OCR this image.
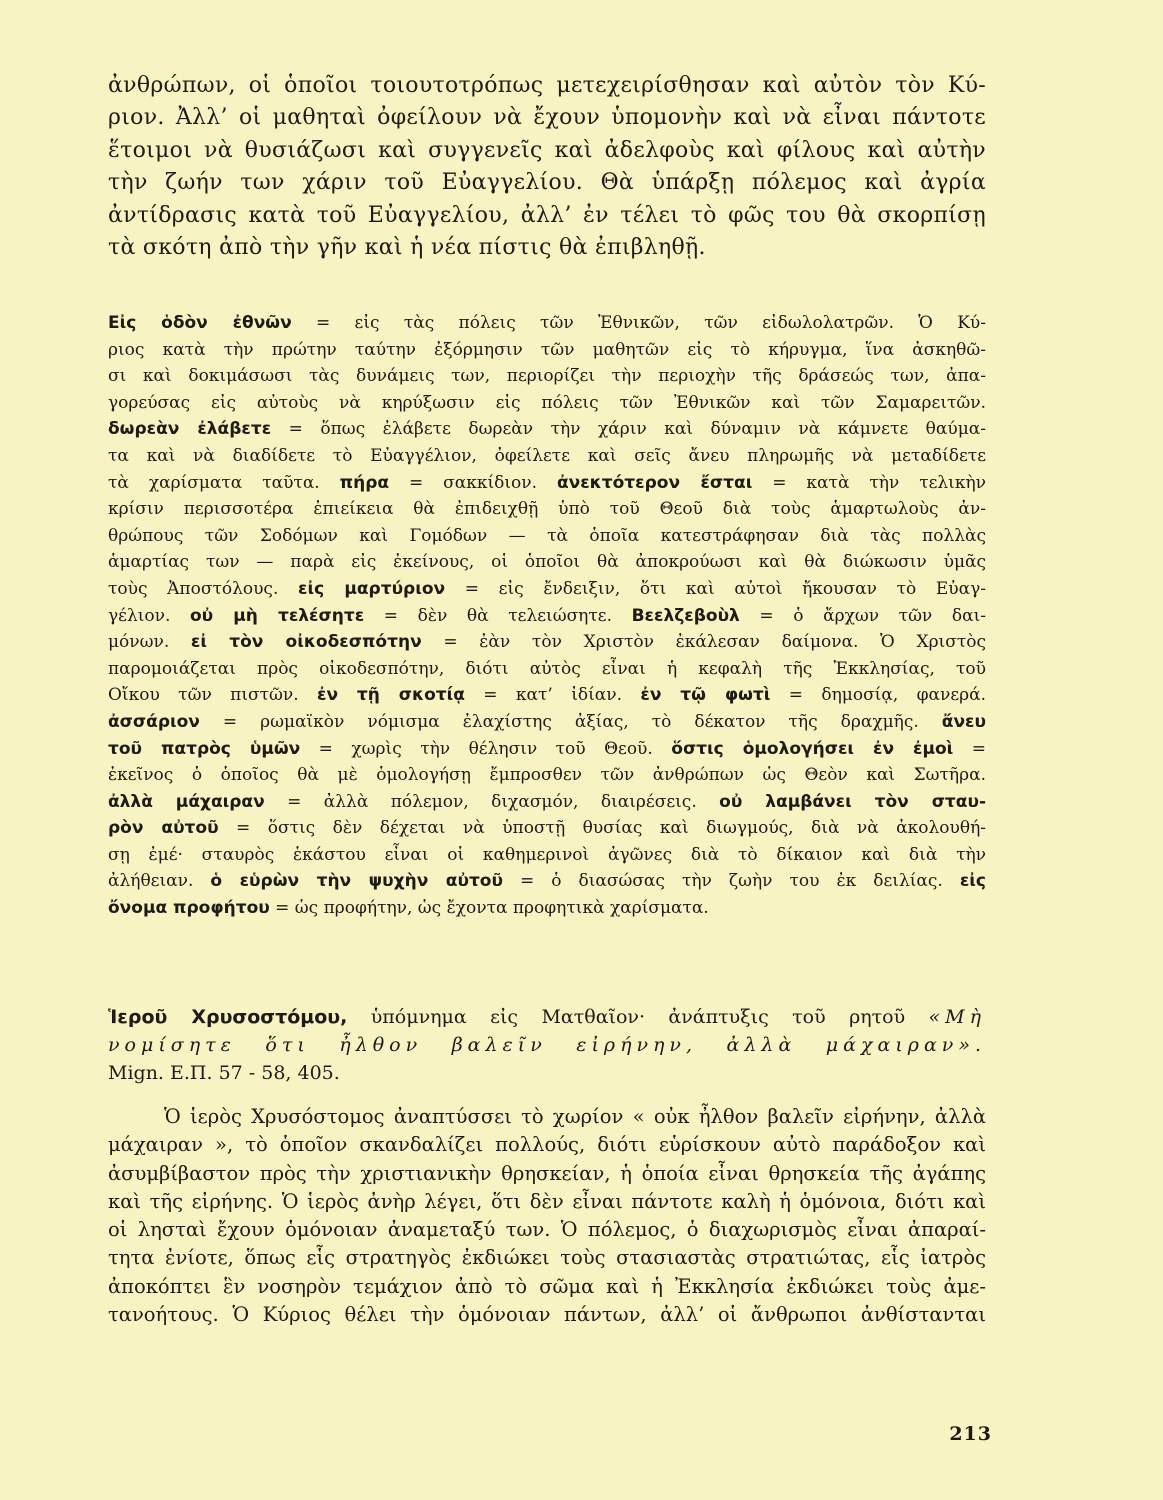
ἀνθρώπων, οἱ ὁποῖοι τοιουτοτρόπως μετεχειρίσθησαν καὶ αὐτὸν τὸν Κύ-
ριον. Ἀλλ’ οἱ μαθηταὶ ὀφείλουν νὰ ἔχουν ὑπομονὴν καὶ νὰ εἶναι πάντοτε
ἕτοιμοι νὰ θυσιάζωσι καὶ συγγενεῖς καὶ ἀδελφοὺς καὶ φίλους καὶ αὐτὴν
τὴν ζωήν των χάριν τοῦ Εὐαγγελίου. Θὰ ὑπάρξῃ πόλεμος καὶ ἀγρία
ἀντίδρασις κατὰ τοῦ Εὐαγγελίου, ἀλλ’ ἐν τέλει τὸ φῶς του θὰ σκορπίσῃ
τὰ σκότη ἀπὸ τὴν γῆν καὶ ἡ νέα πίστις θὰ ἐπιβληθῇ.
Εἰς ὁδὸν ἐθνῶν = εἰς τὰς πόλεις τῶν Ἐθνικῶν, τῶν εἰδωλολατρῶν. Ὁ Κύ-
ριος κατὰ τὴν πρώτην ταύτην ἐξόρμησιν τῶν μαθητῶν εἰς τὸ κήρυγμα, ἵνα ἀσκηθῶ-
σι καὶ δοκιμάσωσι τὰς δυνάμεις των, περιορίζει τὴν περιοχὴν τῆς δράσεώς των, ἀπα-
γορεύσας εἰς αὐτοὺς νὰ κηρύξωσιν εἰς πόλεις τῶν Ἐθνικῶν καὶ τῶν Σαμαρειτῶν.
δωρεὰν ἐλάβετε = ὅπως ἐλάβετε δωρεὰν τὴν χάριν καὶ δύναμιν νὰ κάμνετε θαύμα-
τα καὶ νὰ διαδίδετε τὸ Εὐαγγέλιον, ὀφείλετε καὶ σεῖς ἄνευ πληρωμῆς νὰ μεταδίδετε
τὰ χαρίσματα ταῦτα. πήρα = σακκίδιον. ἀνεκτότερον ἔσται = κατὰ τὴν τελικὴν
κρίσιν περισσοτέρα ἐπιείκεια θὰ ἐπιδειχθῇ ὑπὸ τοῦ Θεοῦ διὰ τοὺς ἁμαρτωλοὺς ἀν-
θρώπους τῶν Σοδόμων καὶ Γομόδων — τὰ ὁποῖα κατεστράφησαν διὰ τὰς πολλὰς
ἁμαρτίας των — παρὰ εἰς ἐκείνους, οἱ ὁποῖοι θὰ ἀποκρούωσι καὶ θὰ διώκωσιν ὑμᾶς
τοὺς Ἀποστόλους. εἰς μαρτύριον = εἰς ἔνδειξιν, ὅτι καὶ αὐτοὶ ἤκουσαν τὸ Εὐαγ-
γέλιον. οὐ μὴ τελέσητε = δὲν θὰ τελειώσητε. Βεελζεβοὺλ = ὁ ἄρχων τῶν δαι-
μόνων. εἰ τὸν οἰκοδεσπότην = ἐὰν τὸν Χριστὸν ἐκάλεσαν δαίμονα. Ὁ Χριστὸς
παρομοιάζεται πρὸς οἰκοδεσπότην, διότι αὐτὸς εἶναι ἡ κεφαλὴ τῆς Ἐκκλησίας, τοῦ
Οἴκου τῶν πιστῶν. ἐν τῇ σκοτίᾳ = κατ’ ἰδίαν. ἐν τῷ φωτὶ = δημοσίᾳ, φανερά.
ἀσσάριον = ρωμαϊκὸν νόμισμα ἐλαχίστης ἀξίας, τὸ δέκατον τῆς δραχμῆς. ἄνευ
τοῦ πατρὸς ὑμῶν = χωρὶς τὴν θέλησιν τοῦ Θεοῦ. ὅστις ὁμολογήσει ἐν ἐμοὶ =
ἐκεῖνος ὁ ὁποῖος θὰ μὲ ὁμολογήσῃ ἔμπροσθεν τῶν ἀνθρώπων ὡς Θεὸν καὶ Σωτῆρα.
ἀλλὰ μάχαιραν = ἀλλὰ πόλεμον, διχασμόν, διαιρέσεις. οὐ λαμβάνει τὸν σταυ-
ρὸν αὐτοῦ = ὅστις δὲν δέχεται νὰ ὑποστῇ θυσίας καὶ διωγμούς, διὰ νὰ ἀκολουθή-
σῃ ἐμέ· σταυρὸς ἑκάστου εἶναι οἱ καθημερινοὶ ἀγῶνες διὰ τὸ δίκαιον καὶ διὰ τὴν
ἀλήθειαν. ὁ εὑρὼν τὴν ψυχὴν αὐτοῦ = ὁ διασώσας τὴν ζωὴν του ἐκ δειλίας. εἰς
ὄνομα προφήτου = ὡς προφήτην, ὡς ἔχοντα προφητικὰ χαρίσματα.
Ἱεροῦ Χρυσοστόμου, ὑπόμνημα εἰς Ματθαῖον· ἀνάπτυξις τοῦ ρητοῦ «Μὴ
νομίσητε ὅτι ἦλθον βαλεῖν εἰρήνην, ἀλλὰ μάχαιραν».
Mign. Ε.Π. 57 - 58, 405.
Ὁ ἱερὸς Χρυσόστομος ἀναπτύσσει τὸ χωρίον « οὐκ ἦλθον βαλεῖν εἰρήνην, ἀλλὰ
μάχαιραν », τὸ ὁποῖον σκανδαλίζει πολλούς, διότι εὑρίσκουν αὐτὸ παράδοξον καὶ
ἀσυμβίβαστον πρὸς τὴν χριστιανικὴν θρησκείαν, ἡ ὁποία εἶναι θρησκεία τῆς ἀγάπης
καὶ τῆς εἰρήνης. Ὁ ἱερὸς ἀνὴρ λέγει, ὅτι δὲν εἶναι πάντοτε καλὴ ἡ ὁμόνοια, διότι καὶ
οἱ λησταὶ ἔχουν ὁμόνοιαν ἀναμεταξύ των. Ὁ πόλεμος, ὁ διαχωρισμὸς εἶναι ἀπαραί-
τητα ἐνίοτε, ὅπως εἷς στρατηγὸς ἐκδιώκει τοὺς στασιαστὰς στρατιώτας, εἷς ἰατρὸς
ἀποκόπτει ἓν νοσηρὸν τεμάχιον ἀπὸ τὸ σῶμα καὶ ἡ Ἐκκλησία ἐκδιώκει τοὺς ἀμε-
τανοήτους. Ὁ Κύριος θέλει τὴν ὁμόνοιαν πάντων, ἀλλ’ οἱ ἄνθρωποι ἀνθίστανται
213
